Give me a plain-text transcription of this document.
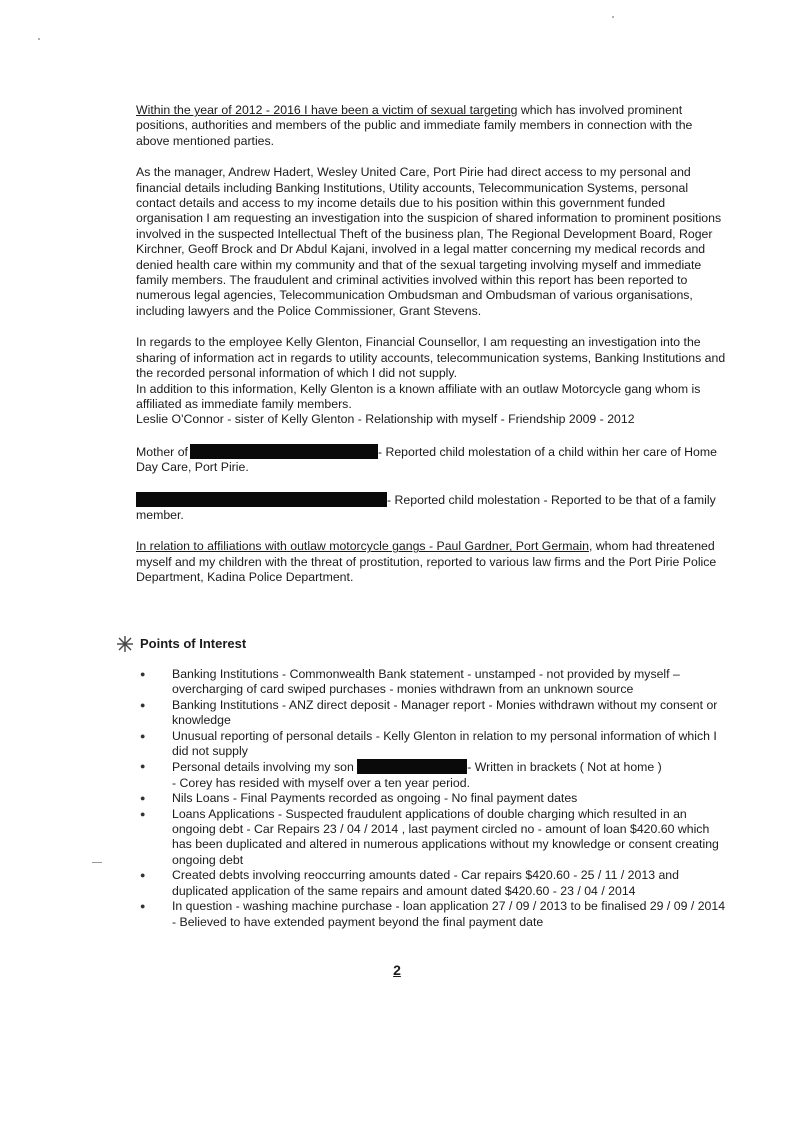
Within the year of 2012 - 2016 I have been a victim of sexual targeting which has involved prominent positions, authorities and members of the public and immediate family members in connection with the above mentioned parties.

As the manager, Andrew Hadert, Wesley United Care, Port Pirie had direct access to my personal and financial details including Banking Institutions, Utility accounts, Telecommunication Systems, personal contact details and access to my income details due to his position within this government funded organisation I am requesting an investigation into the suspicion of shared information to prominent positions involved in the suspected Intellectual Theft of the business plan, The Regional Development Board, Roger Kirchner, Geoff Brock and Dr Abdul Kajani, involved in a legal matter concerning my medical records and denied health care within my community and that of the sexual targeting involving myself and immediate family members. The fraudulent and criminal activities involved within this report has been reported to numerous legal agencies, Telecommunication Ombudsman and Ombudsman of various organisations, including lawyers and the Police Commissioner, Grant Stevens.

In regards to the employee Kelly Glenton, Financial Counsellor, I am requesting an investigation into the sharing of information act in regards to utility accounts, telecommunication systems, Banking Institutions and the recorded personal information of which I did not supply.

In addition to this information, Kelly Glenton is a known affiliate with an outlaw Motorcycle gang whom is affiliated as immediate family members.

Leslie O'Connor - sister of Kelly Glenton - Relationship with myself - Friendship 2009 - 2012

Mother of	- Reported child molestation of a child within her care of Home Day Care, Port Pirie.

- Reported child molestation - Reported to be that of a family member.

In relation to affiliations with outlaw motorcycle gangs - Paul Gardner, Port Germain, whom had threatened myself and my children with the threat of prostitution, reported to various law firms and the Port Pirie Police Department, Kadina Police Department.

Points of Interest
● Banking Institutions - Commonwealth Bank statement - unstamped - not provided by myself –overcharging of card swiped purchases - monies withdrawn from an unknown source

● Banking Institutions - ANZ direct deposit - Manager report - Monies withdrawn without my consent or knowledge

● Unusual reporting of personal details - Kelly Glenton in relation to my personal information of which I did not supply

● Personal details involving my son	- Written in brackets ( Not at home )

- Corey has resided with myself over a ten year period.

● Nils Loans - Final Payments recorded as ongoing - No final payment dates

● Loans Applications - Suspected fraudulent applications of double charging which resulted in an ongoing debt - Car Repairs 23 / 04 / 2014 , last payment circled no - amount of loan $420.60 which has been duplicated and altered in numerous applications without my knowledge or consent creating ongoing debt

● Created debts involving reoccurring amounts dated - Car repairs $420.60 - 25 / 11 / 2013 and duplicated application of the same repairs and amount dated $420.60 - 23 / 04 / 2014

● In question - washing machine purchase - loan application 27 / 09 / 2013 to be finalised 29 / 09 / 2014 - Believed to have extended payment beyond the final payment date

2
